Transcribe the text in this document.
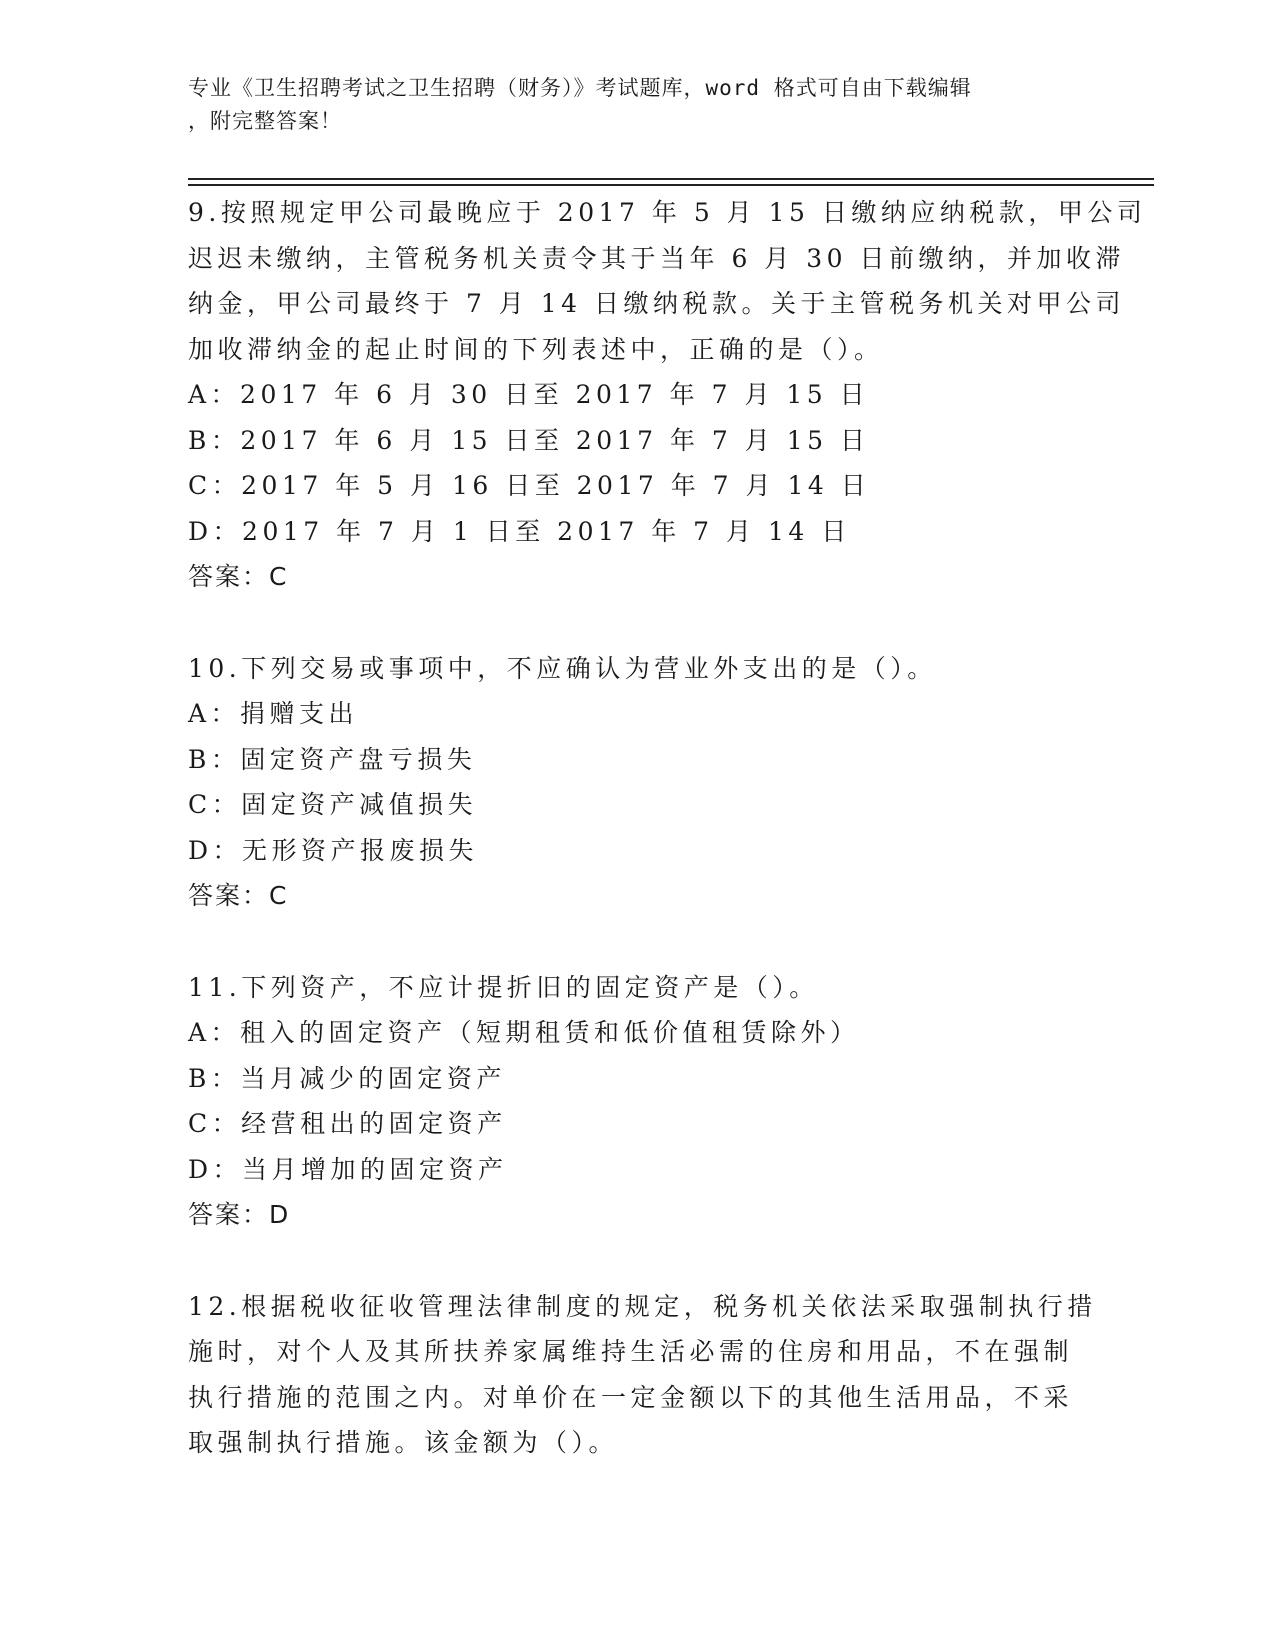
专业《卫生招聘考试之卫生招聘（财务）》考试题库，word 格式可自由下载编辑
，附完整答案！
9.按照规定甲公司最晚应于 2017 年 5 月 15 日缴纳应纳税款，甲公司
迟迟未缴纳，主管税务机关责令其于当年 6 月 30 日前缴纳，并加收滞
纳金，甲公司最终于 7 月 14 日缴纳税款。关于主管税务机关对甲公司
加收滞纳金的起止时间的下列表述中，正确的是（）。
A：2017 年 6 月 30 日至 2017 年 7 月 15 日
B：2017 年 6 月 15 日至 2017 年 7 月 15 日
C：2017 年 5 月 16 日至 2017 年 7 月 14 日
D：2017 年 7 月 1 日至 2017 年 7 月 14 日
答案：C
10.下列交易或事项中，不应确认为营业外支出的是（）。
A：捐赠支出
B：固定资产盘亏损失
C：固定资产减值损失
D：无形资产报废损失
答案：C
11.下列资产，不应计提折旧的固定资产是（）。
A：租入的固定资产（短期租赁和低价值租赁除外）
B：当月减少的固定资产
C：经营租出的固定资产
D：当月增加的固定资产
答案：D
12.根据税收征收管理法律制度的规定，税务机关依法采取强制执行措
施时，对个人及其所扶养家属维持生活必需的住房和用品，不在强制
执行措施的范围之内。对单价在一定金额以下的其他生活用品，不采
取强制执行措施。该金额为（）。
